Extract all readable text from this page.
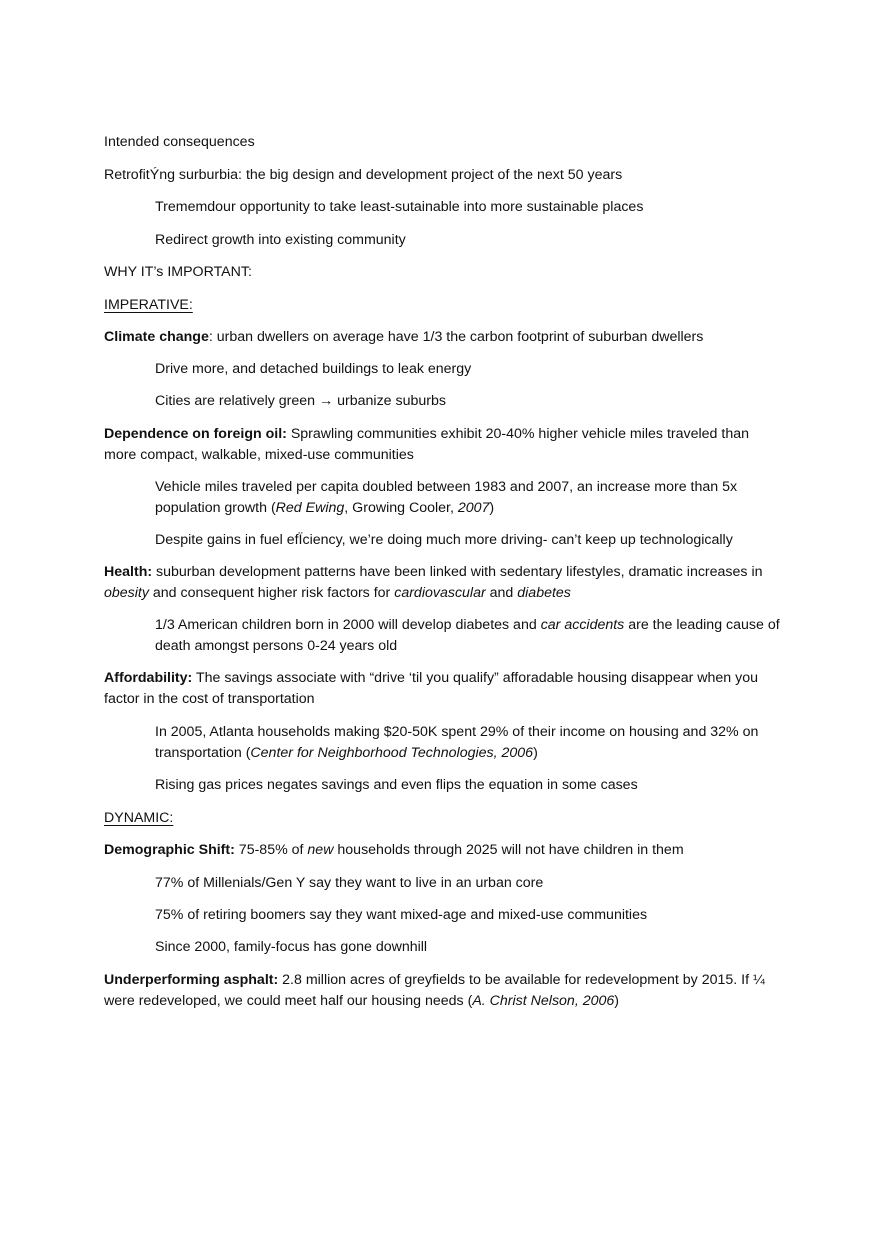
Intended consequences

RetrofitÝng surburbia: the big design and development project of the next 50 years

Trememdour opportunity to take least-sutainable into more sustainable places

Redirect growth into existing community

WHY IT’s IMPORTANT:

IMPERATIVE:

Climate change: urban dwellers on average have 1/3 the carbon footprint of suburban dwellers

Drive more, and detached buildings to leak energy

Cities are relatively green → urbanize suburbs

Dependence on foreign oil: Sprawling communities exhibit 20-40% higher vehicle miles traveled than more compact, walkable, mixed-use communities

Vehicle miles traveled per capita doubled between 1983 and 2007, an increase more than 5x population growth (Red Ewing, Growing Cooler, 2007)

Despite gains in fuel efÏciency, we’re doing much more driving- can’t keep up technologically

Health: suburban development patterns have been linked with sedentary lifestyles, dramatic increases in obesity and consequent higher risk factors for cardiovascular and diabetes

1/3 American children born in 2000 will develop diabetes and car accidents are the leading cause of death amongst persons 0-24 years old

Affordability: The savings associate with “drive ‘til you qualify” afforadable housing disappear when you factor in the cost of transportation

In 2005, Atlanta households making $20-50K spent 29% of their income on housing and 32% on transportation (Center for Neighborhood Technologies, 2006)

Rising gas prices negates savings and even flips the equation in some cases

DYNAMIC:

Demographic Shift: 75-85% of new households through 2025 will not have children in them

77% of Millenials/Gen Y say they want to live in an urban core

75% of retiring boomers say they want mixed-age and mixed-use communities

Since 2000, family-focus has gone downhill

Underperforming asphalt: 2.8 million acres of greyfields to be available for redevelopment by 2015. If ¼ were redeveloped, we could meet half our housing needs (A. Christ Nelson, 2006)
